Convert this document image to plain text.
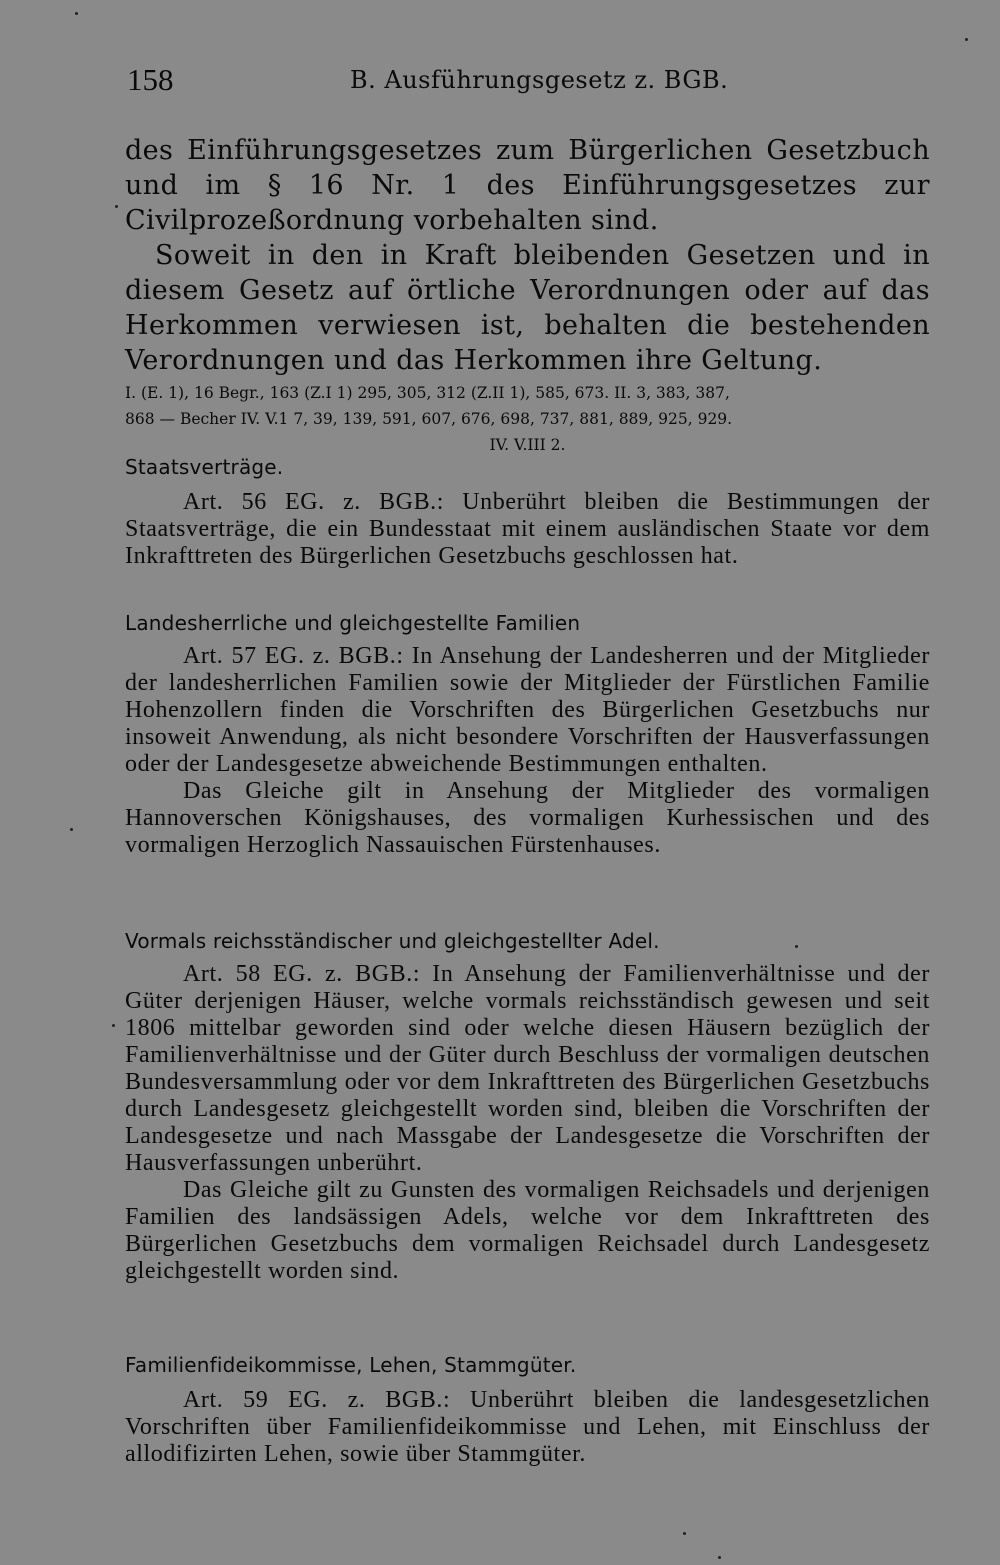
158	B. Ausführungsgesetz z. BGB.

des Einführungsgesetzes zum Bürgerlichen Gesetzbuch und im § 16 Nr. 1 des Einführungsgesetzes zur Civilprozeßordnung vorbehalten sind.

Soweit in den in Kraft bleibenden Gesetzen und in diesem Gesetz auf örtliche Verordnungen oder auf das Herkommen verwiesen ist, behalten die bestehenden Verordnungen und das Herkommen ihre Geltung.

I. (E. 1), 16 Begr., 163 (Z.I 1) 295, 305, 312 (Z.II 1), 585, 673. II. 3, 383, 387,
868 — Becher IV. V.1 7, 39, 139, 591, 607, 676, 698, 737, 881, 889, 925, 929.
IV. V.III 2.
Staatsverträge.

Art. 56 EG. z. BGB.: Unberührt bleiben die Bestimmungen der Staatsverträge, die ein Bundesstaat mit einem ausländischen Staate vor dem Inkrafttreten des Bürgerlichen Gesetzbuchs geschlossen hat.

Landesherrliche und gleichgestellte Familien

Art. 57 EG. z. BGB.: In Ansehung der Landesherren und der Mitglieder der landesherrlichen Familien sowie der Mitglieder der Fürstlichen Familie Hohenzollern finden die Vorschriften des Bürgerlichen Gesetzbuchs nur insoweit Anwendung, als nicht besondere Vorschriften der Hausverfassungen oder der Landesgesetze abweichende Bestimmungen enthalten.

Das Gleiche gilt in Ansehung der Mitglieder des vormaligen Hannoverschen Königshauses, des vormaligen Kurhessischen und des vormaligen Herzoglich Nassauischen Fürstenhauses.

Vormals reichsständischer und gleichgestellter Adel.

Art. 58 EG. z. BGB.: In Ansehung der Familienverhältnisse und der Güter derjenigen Häuser, welche vormals reichsständisch gewesen und seit 1806 mittelbar geworden sind oder welche diesen Häusern bezüglich der Familienverhältnisse und der Güter durch Beschluss der vormaligen deutschen Bundesversammlung oder vor dem Inkrafttreten des Bürgerlichen Gesetzbuchs durch Landesgesetz gleichgestellt worden sind, bleiben die Vorschriften der Landesgesetze und nach Massgabe der Landesgesetze die Vorschriften der Hausverfassungen unberührt.

Das Gleiche gilt zu Gunsten des vormaligen Reichsadels und derjenigen Familien des landsässigen Adels, welche vor dem Inkrafttreten des Bürgerlichen Gesetzbuchs dem vormaligen Reichsadel durch Landesgesetz gleichgestellt worden sind.

Familienfideikommisse, Lehen, Stammgüter.

Art. 59 EG. z. BGB.: Unberührt bleiben die landesgesetzlichen Vorschriften über Familienfideikommisse und Lehen, mit Einschluss der allodifizirten Lehen, sowie über Stammgüter.
